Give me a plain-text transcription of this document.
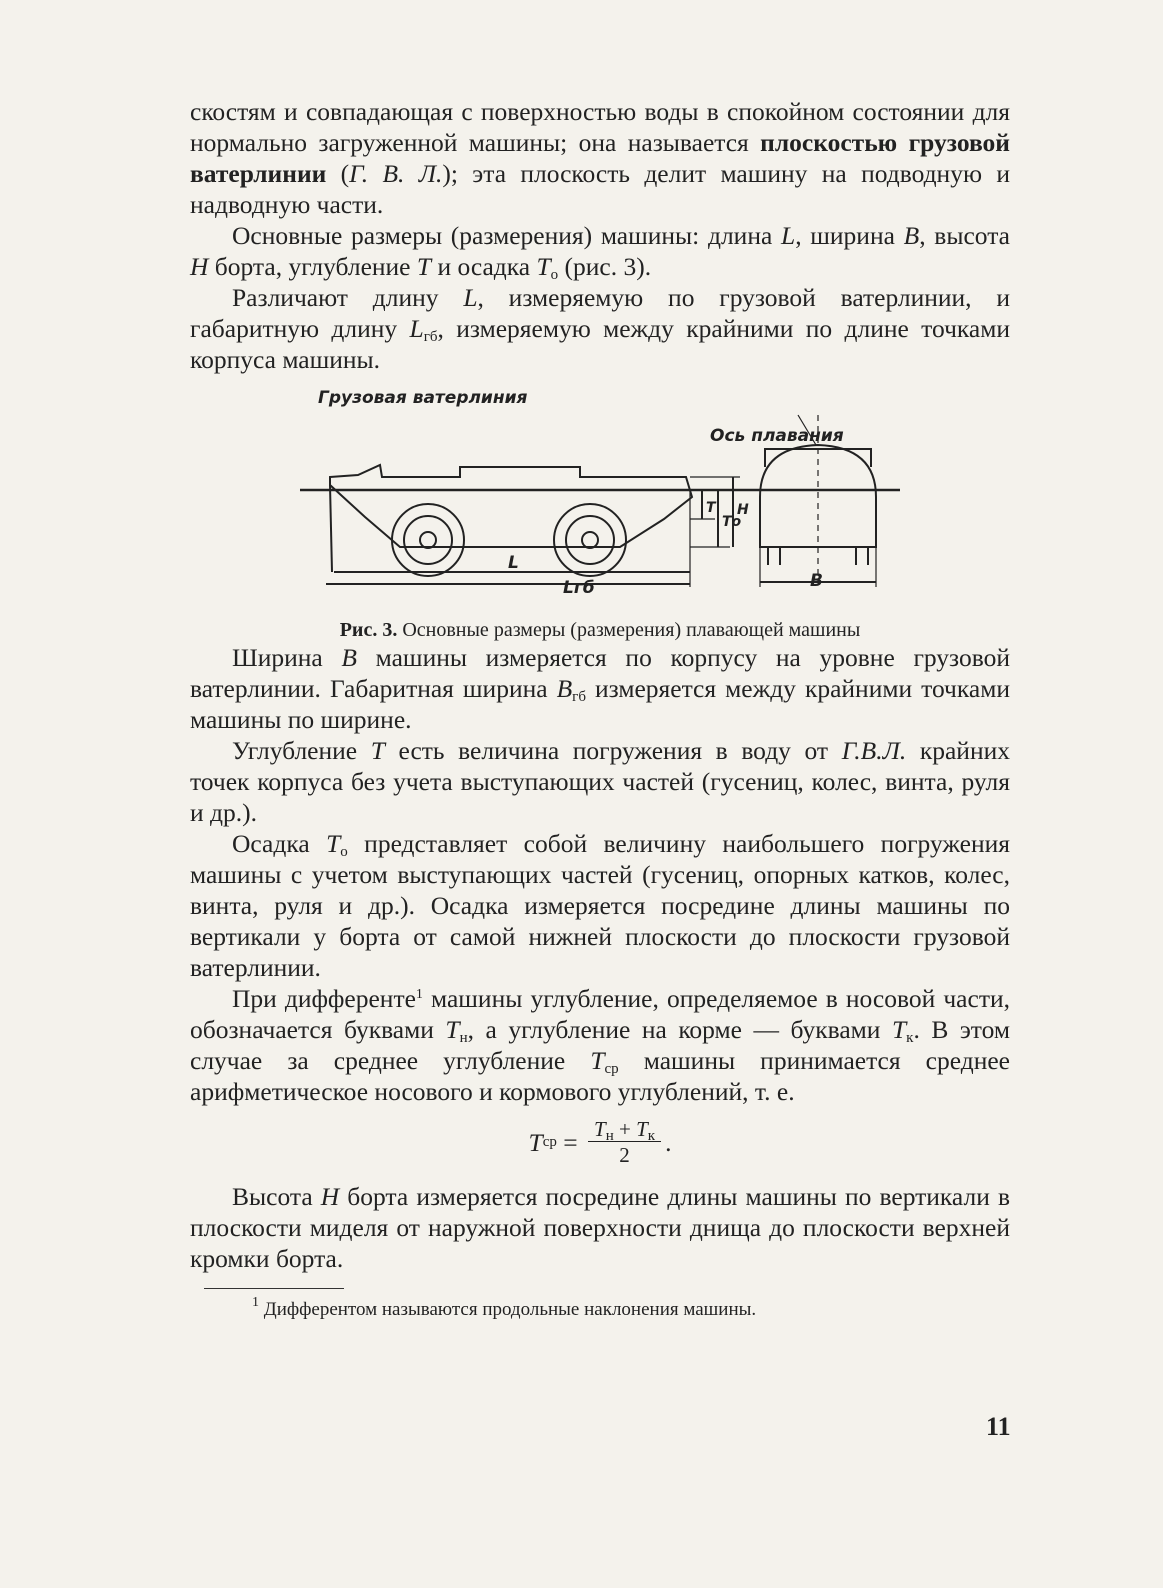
скостям и совпадающая с поверхностью воды в спокойном состоянии для нормально загруженной машины; она называется плоскостью грузовой ватерлинии (Г. В. Л.); эта плоскость делит машину на подводную и надводную части.

Основные размеры (размерения) машины: длина L, ширина B, высота H борта, углубление T и осадка $T_о$ (рис. 3).

Различают длину L, измеряемую по грузовой ватерлинии, и габаритную длину $L_{гб}$, измеряемую между крайними по длине точками корпуса машины.

Грузовая ватерлиния
Ось плавания
L
Lгб
T
Tо
H
B

Рис. 3. Основные размеры (размерения) плавающей машины

Ширина B машины измеряется по корпусу на уровне грузовой ватерлинии. Габаритная ширина $B_{гб}$ измеряется между крайними точками машины по ширине.

Углубление T есть величина погружения в воду от Г.В.Л. крайних точек корпуса без учета выступающих частей (гусениц, колес, винта, руля и др.).

Осадка $T_о$ представляет собой величину наибольшего погружения машины с учетом выступающих частей (гусениц, опорных катков, колес, винта, руля и др.). Осадка измеряется посредине длины машины по вертикали у борта от самой нижней плоскости до плоскости грузовой ватерлинии.

При дифференте$^1$ машины углубление, определяемое в носовой части, обозначается буквами $T_н$, а углубление на корме — буквами $T_к$. В этом случае за среднее углубление $T_{ср}$ машины принимается среднее арифметическое носового и кормового углублений, т. е.

T ср = $\frac{T_н + T_к}{2}$ .

Высота H борта измеряется посредине длины машины по вертикали в плоскости миделя от наружной поверхности днища до плоскости верхней кромки борта.

$^1$ Дифферентом называются продольные наклонения машины.

11
